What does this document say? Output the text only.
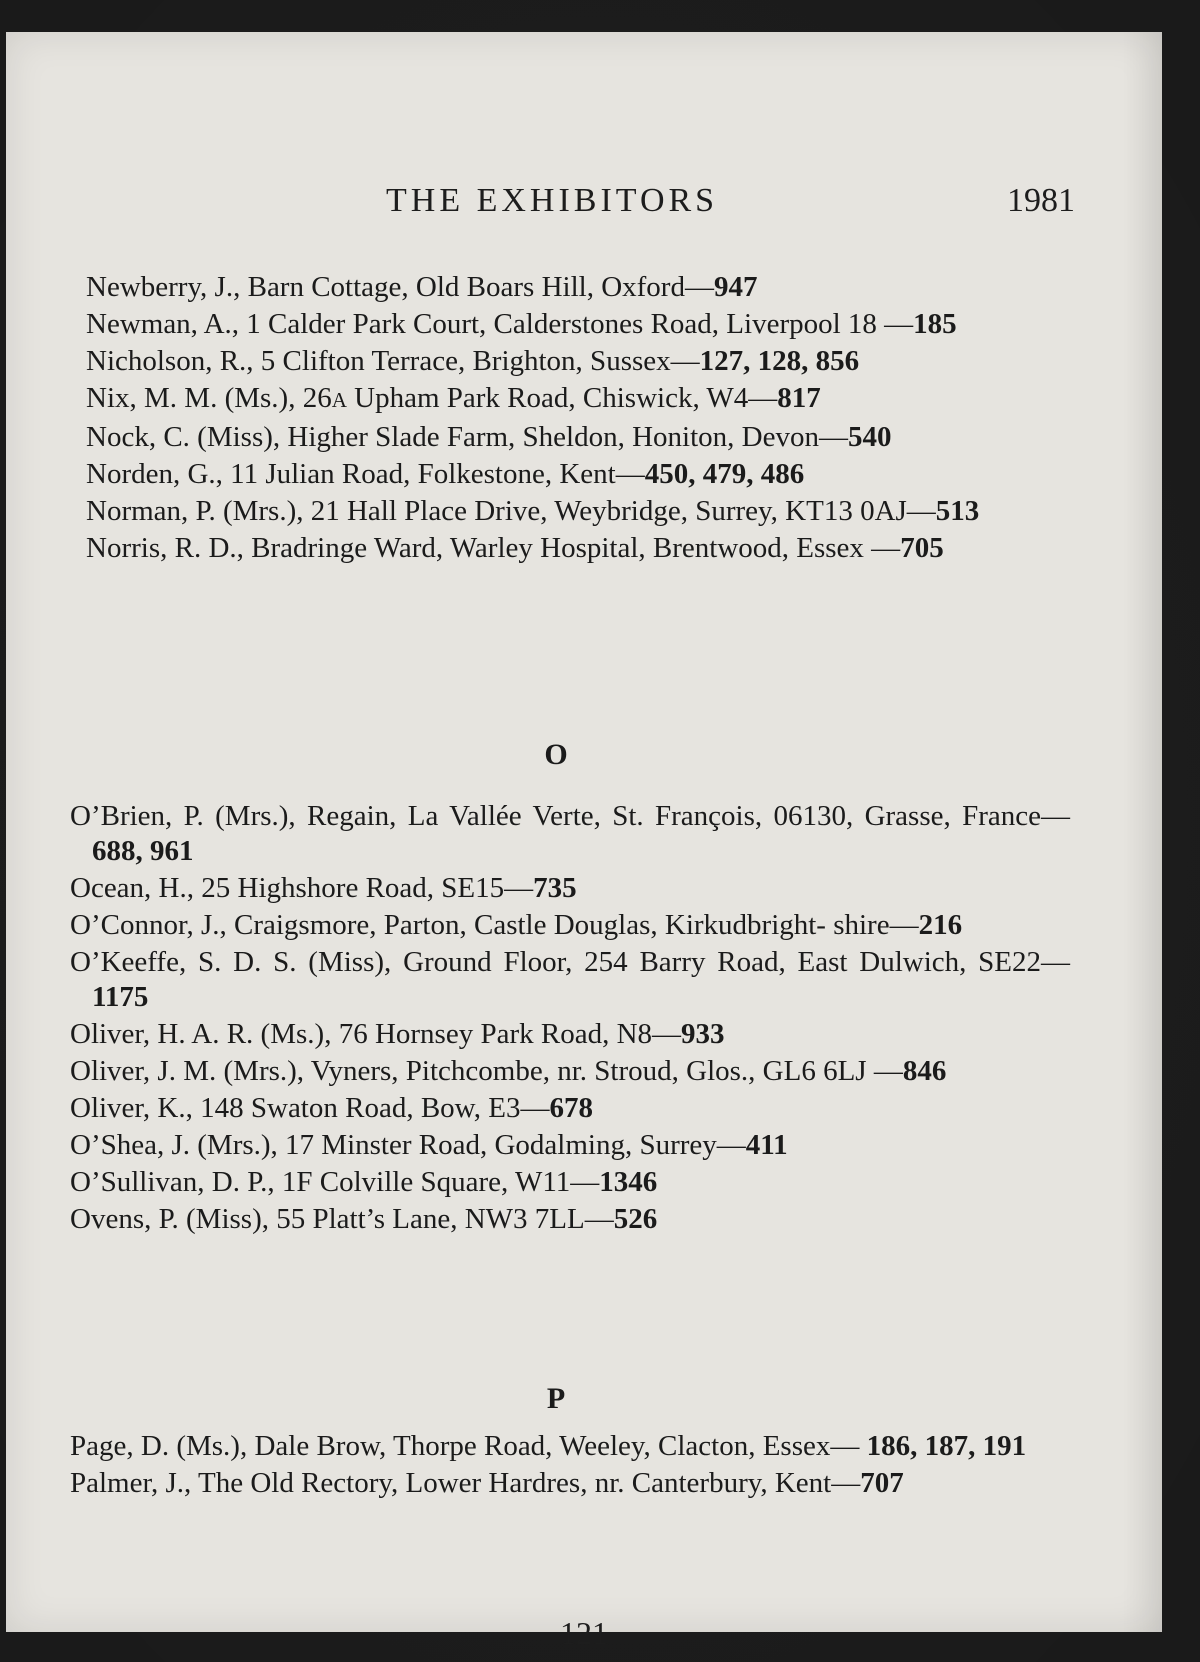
THE EXHIBITORS	1981

Newberry, J., Barn Cottage, Old Boars Hill, Oxford—947

Newman, A., 1 Calder Park Court, Calderstones Road, Liverpool 18 —185

Nicholson, R., 5 Clifton Terrace, Brighton, Sussex—127, 128, 856

Nix, M. M. (Ms.), 26A Upham Park Road, Chiswick, W4—817

Nock, C. (Miss), Higher Slade Farm, Sheldon, Honiton, Devon—540

Norden, G., 11 Julian Road, Folkestone, Kent—450, 479, 486

Norman, P. (Mrs.), 21 Hall Place Drive, Weybridge, Surrey, KT13 0AJ—513

Norris, R. D., Bradringe Ward, Warley Hospital, Brentwood, Essex —705

O

O’Brien, P. (Mrs.), Regain, La Vallée Verte, St. François, 06130, Grasse, France—688, 961

Ocean, H., 25 Highshore Road, SE15—735

O’Connor, J., Craigsmore, Parton, Castle Douglas, Kirkudbright- shire—216

O’Keeffe, S. D. S. (Miss), Ground Floor, 254 Barry Road, East Dulwich, SE22—1175

Oliver, H. A. R. (Ms.), 76 Hornsey Park Road, N8—933

Oliver, J. M. (Mrs.), Vyners, Pitchcombe, nr. Stroud, Glos., GL6 6LJ —846

Oliver, K., 148 Swaton Road, Bow, E3—678

O’Shea, J. (Mrs.), 17 Minster Road, Godalming, Surrey—411

O’Sullivan, D. P., 1F Colville Square, W11—1346

Ovens, P. (Miss), 55 Platt’s Lane, NW3 7LL—526

P

Page, D. (Ms.), Dale Brow, Thorpe Road, Weeley, Clacton, Essex— 186, 187, 191

Palmer, J., The Old Rectory, Lower Hardres, nr. Canterbury, Kent—707

121
